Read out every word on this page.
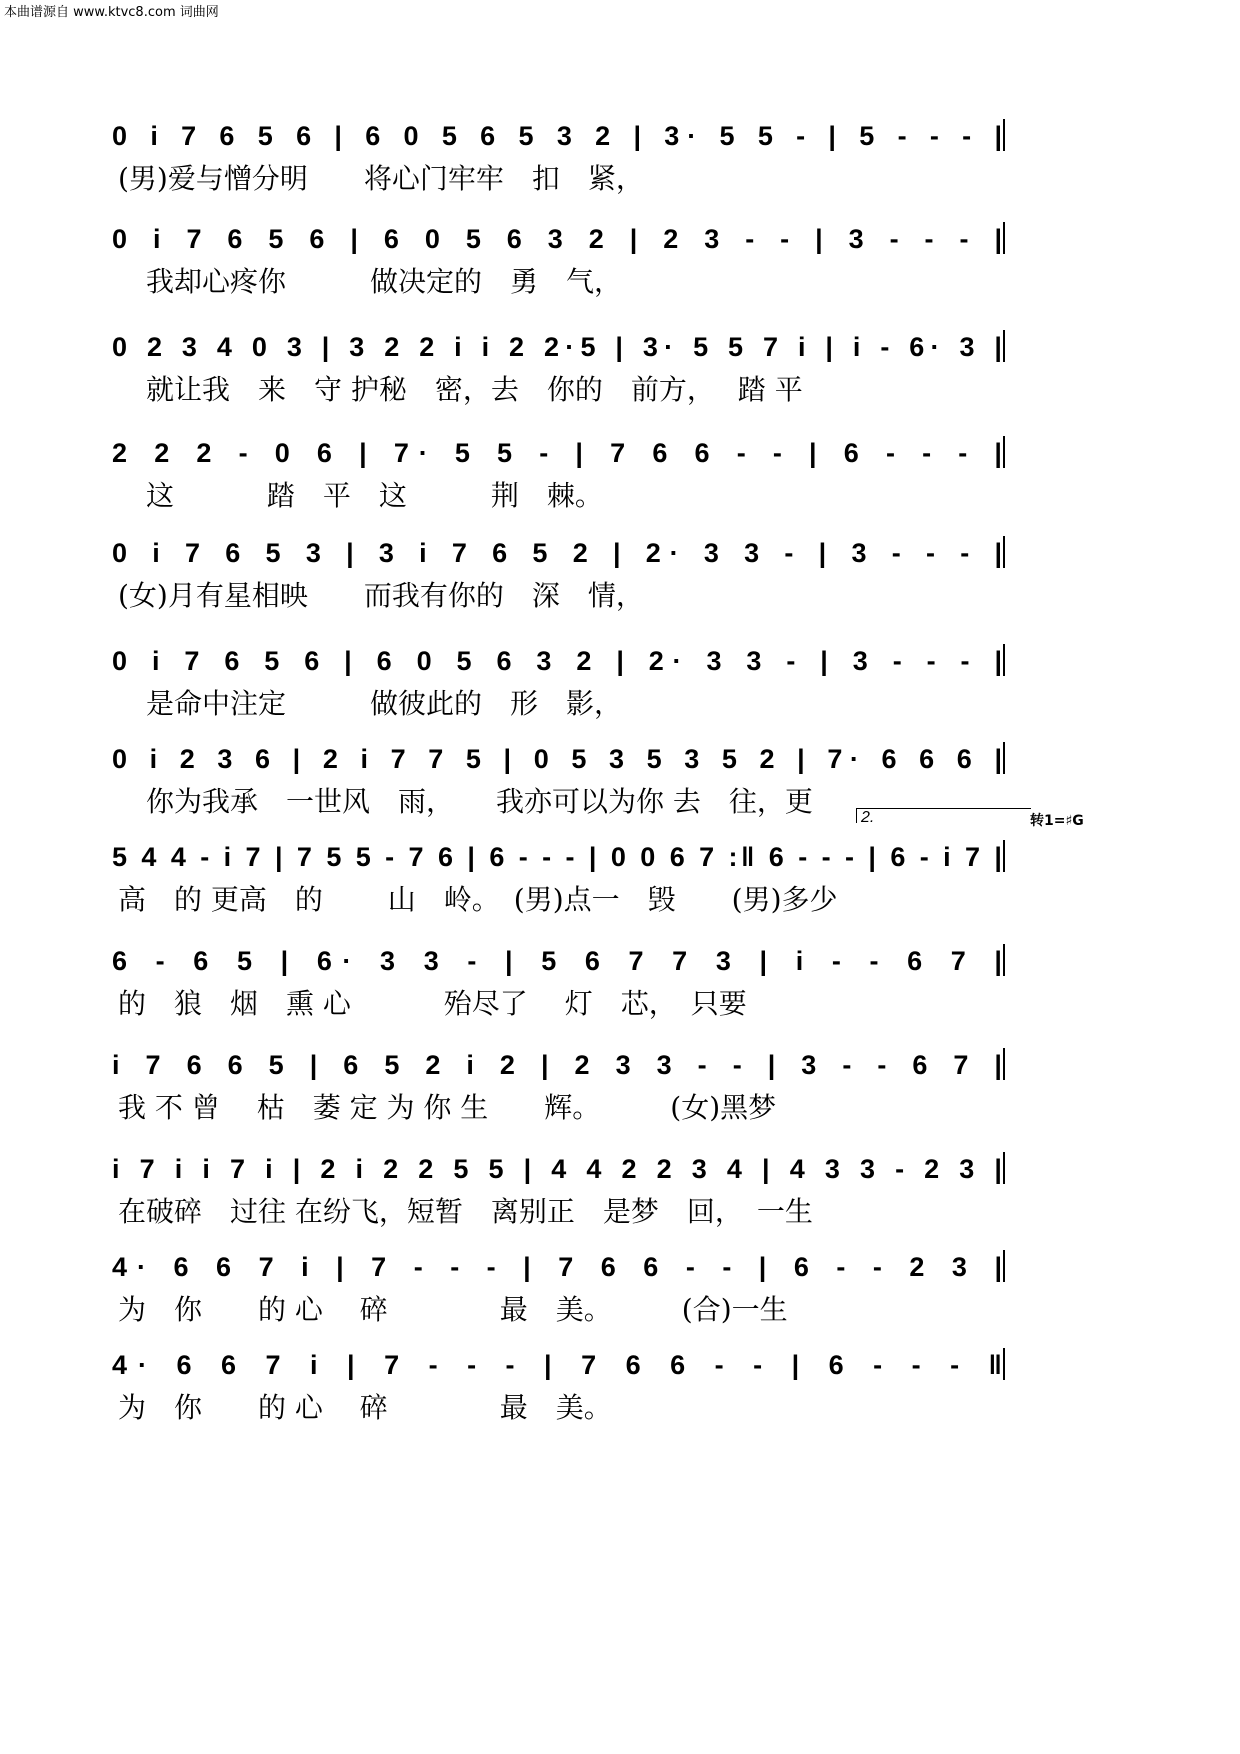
本曲谱源自 www.ktvc8.com 词曲网
0 i 7 6 5 6 | 6 0 5 6 5 3 2 | 3· 5 5 - | 5 - - - |
(男)爱与憎分明　　将心门牢牢　扣　紧，
0 i 7 6 5 6 | 6 0 5 6 3 2 | 2 3 - - | 3 - - - |
　我却心疼你　　　做决定的　勇　气，
0 2 3 4 0 3 | 3 2 2 i i 2 2·5 | 3· 5 5 7 i | i - 6· 3 |
　就让我　来　守 护秘　密，去　你的　前方，　 踏 平
2 2 2 - 0 6 | 7· 5 5 - | 7 6 6 - - | 6 - - - |
　这　　　 踏　平　这　　　荆　棘。
0 i 7 6 5 3 | 3 i 7 6 5 2 | 2· 3 3 - | 3 - - - |
(女)月有星相映　　而我有你的　深　情，
0 i 7 6 5 6 | 6 0 5 6 3 2 | 2· 3 3 - | 3 - - - |
　是命中注定　　　做彼此的　形　影，
0 i 2 3 6 | 2 i 7 7 5 | 0 5 3 5 3 5 2 | 7· 6 6 6 |
　你为我承　一世风　雨，　　我亦可以为你 去　往，更
5 4 4 - i 7 | 7 5 5 - 7 6 | 6 - - - | 0 0 6 7 :‖ 6 - - - | 6 - i 7 |
2.	转1=♯G
高　的 更高　的　　 山　岭。　(男)点一　毁　　(男)多少
6 - 6 5 | 6· 3 3 - | 5 6 7 7 3 | i - - 6 7 |
的　狼　烟　熏 心　　　 殆尽了　 灯　芯，　只要
i 7 6 6 5 | 6 5 2 i 2 | 2 3 3 - - | 3 - - 6 7 |
我 不 曾　 枯　萎 定 为 你 生　　辉。　　　(女)黑梦
i 7 i i 7 i | 2 i 2 2 5 5 | 4 4 2 2 3 4 | 4 3 3 - 2 3 |
在破碎　过往 在纷飞，短暂　离别正　是梦　回，　一生
4· 6 6 7 i | 7 - - - | 7 6 6 - - | 6 - - 2 3 |
为　你　　的 心　 碎　　　　最　美。　　　(合)一生
4· 6 6 7 i | 7 - - - | 7 6 6 - - | 6 - - - ‖
为　你　　的 心　 碎　　　　最　美。
